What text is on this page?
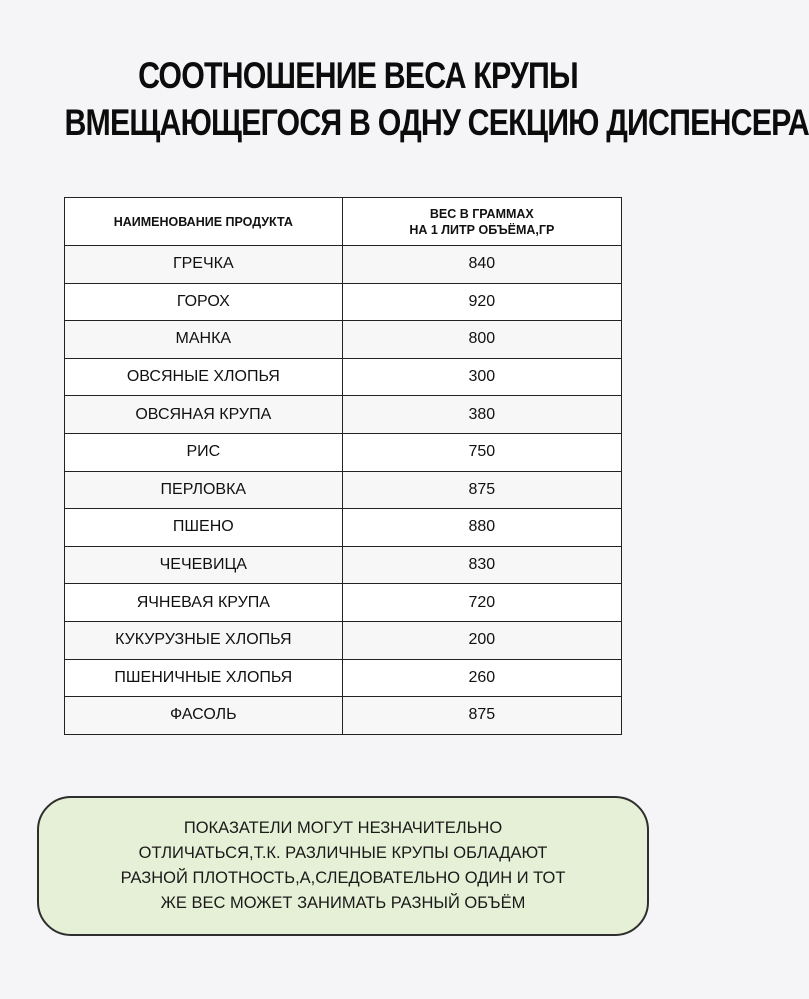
СООТНОШЕНИЕ ВЕСА КРУПЫ
ВМЕЩАЮЩЕГОСЯ В ОДНУ СЕКЦИЮ ДИСПЕНСЕРА
НАИМЕНОВАНИЕ ПРОДУКТА	ВЕС В ГРАММАХ
НА 1 ЛИТР ОБЪЁМА,ГР
ГРЕЧКА	840
ГОРОХ	920
МАНКА	800
ОВСЯНЫЕ ХЛОПЬЯ	300
ОВСЯНАЯ КРУПА	380
РИС	750
ПЕРЛОВКА	875
ПШЕНО	880
ЧЕЧЕВИЦА	830
ЯЧНЕВАЯ КРУПА	720
КУКУРУЗНЫЕ ХЛОПЬЯ	200
ПШЕНИЧНЫЕ ХЛОПЬЯ	260
ФАСОЛЬ	875
ПОКАЗАТЕЛИ МОГУТ НЕЗНАЧИТЕЛЬНО
ОТЛИЧАТЬСЯ,Т.К. РАЗЛИЧНЫЕ КРУПЫ ОБЛАДАЮТ
РАЗНОЙ ПЛОТНОСТЬ,А,СЛЕДОВАТЕЛЬНО ОДИН И ТОТ
ЖЕ ВЕС МОЖЕТ ЗАНИМАТЬ РАЗНЫЙ ОБЪЁМ
